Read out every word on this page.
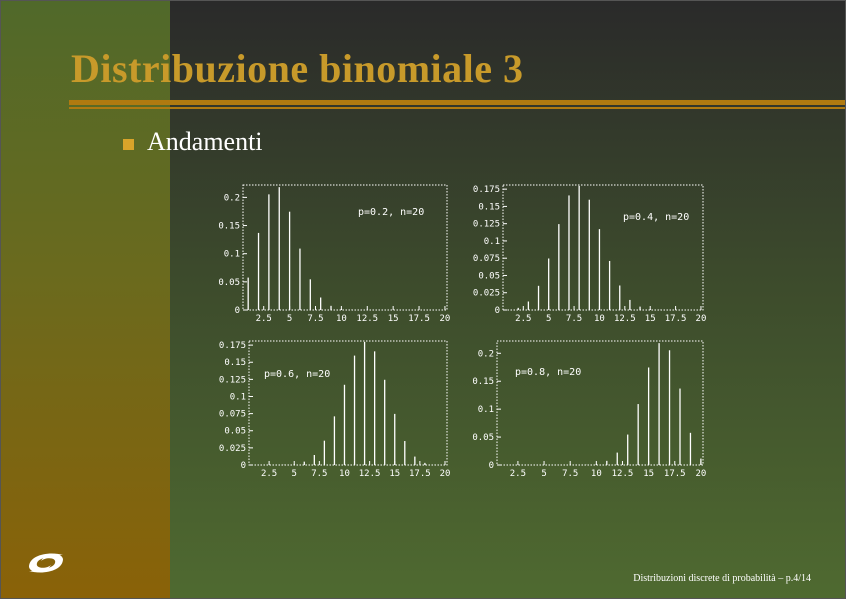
Distribuzione binomiale 3
Andamenti
2.5 5 7.5 10 12.5 15 17.5 20
0
0.05
0.1
0.15
0.2
p=0.2, n=20
2.5 5 7.5 10 12.5 15 17.5 20
0
0.025
0.05
0.075
0.1
0.125
0.15
0.175
p=0.4, n=20
2.5 5 7.5 10 12.5 15 17.5 20
0
0.025
0.05
0.075
0.1
0.125
0.15
0.175
p=0.6, n=20
2.5 5 7.5 10 12.5 15 17.5 20
0
0.05
0.1
0.15
0.2
p=0.8, n=20
Distribuzioni discrete di probabilità – p.4/14
